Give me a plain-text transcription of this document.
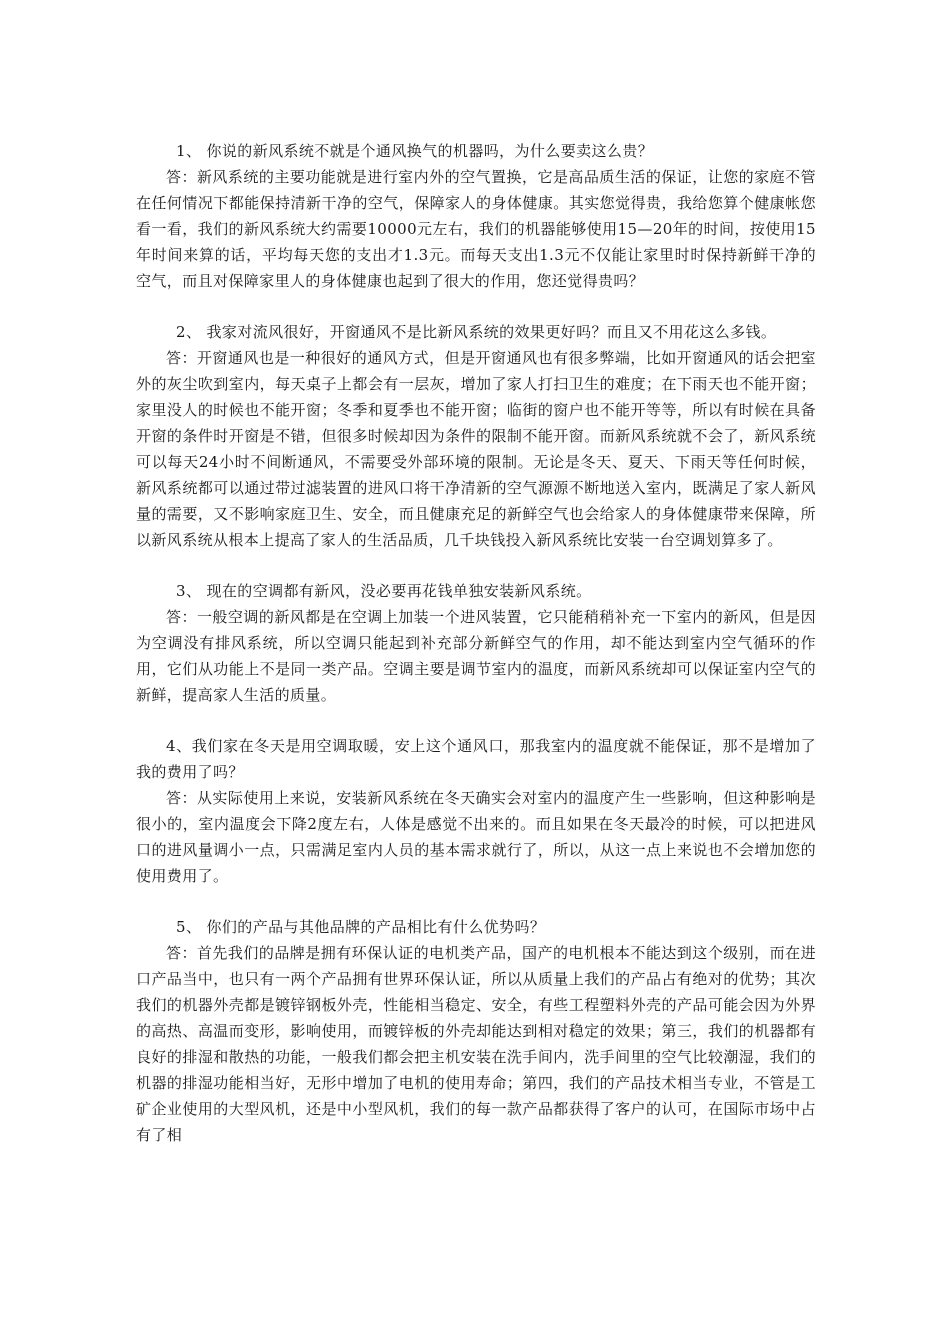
1、 你说的新风系统不就是个通风换气的机器吗，为什么要卖这么贵？

答：新风系统的主要功能就是进行室内外的空气置换，它是高品质生活的保证，让您的家庭不管在任何情况下都能保持清新干净的空气，保障家人的身体健康。其实您觉得贵，我给您算个健康帐您看一看，我们的新风系统大约需要10000元左右，我们的机器能够使用15—20年的时间，按使用15年时间来算的话，平均每天您的支出才1.3元。而每天支出1.3元不仅能让家里时时保持新鲜干净的空气，而且对保障家里人的身体健康也起到了很大的作用，您还觉得贵吗？

2、 我家对流风很好，开窗通风不是比新风系统的效果更好吗？而且又不用花这么多钱。

答：开窗通风也是一种很好的通风方式，但是开窗通风也有很多弊端，比如开窗通风的话会把室外的灰尘吹到室内，每天桌子上都会有一层灰，增加了家人打扫卫生的难度；在下雨天也不能开窗；家里没人的时候也不能开窗；冬季和夏季也不能开窗；临街的窗户也不能开等等，所以有时候在具备开窗的条件时开窗是不错，但很多时候却因为条件的限制不能开窗。而新风系统就不会了，新风系统可以每天24小时不间断通风，不需要受外部环境的限制。无论是冬天、夏天、下雨天等任何时候，新风系统都可以通过带过滤装置的进风口将干净清新的空气源源不断地送入室内，既满足了家人新风量的需要，又不影响家庭卫生、安全，而且健康充足的新鲜空气也会给家人的身体健康带来保障，所以新风系统从根本上提高了家人的生活品质，几千块钱投入新风系统比安装一台空调划算多了。

3、 现在的空调都有新风，没必要再花钱单独安装新风系统。

答：一般空调的新风都是在空调上加装一个进风装置，它只能稍稍补充一下室内的新风，但是因为空调没有排风系统，所以空调只能起到补充部分新鲜空气的作用，却不能达到室内空气循环的作用，它们从功能上不是同一类产品。空调主要是调节室内的温度，而新风系统却可以保证室内空气的新鲜，提高家人生活的质量。

4、我们家在冬天是用空调取暖，安上这个通风口，那我室内的温度就不能保证，那不是增加了我的费用了吗？

答：从实际使用上来说，安装新风系统在冬天确实会对室内的温度产生一些影响，但这种影响是很小的，室内温度会下降2度左右，人体是感觉不出来的。而且如果在冬天最冷的时候，可以把进风口的进风量调小一点，只需满足室内人员的基本需求就行了，所以，从这一点上来说也不会增加您的使用费用了。

5、 你们的产品与其他品牌的产品相比有什么优势吗？

答：首先我们的品牌是拥有环保认证的电机类产品，国产的电机根本不能达到这个级别，而在进口产品当中，也只有一两个产品拥有世界环保认证，所以从质量上我们的产品占有绝对的优势；其次我们的机器外壳都是镀锌钢板外壳，性能相当稳定、安全，有些工程塑料外壳的产品可能会因为外界的高热、高温而变形，影响使用，而镀锌板的外壳却能达到相对稳定的效果；第三，我们的机器都有良好的排湿和散热的功能，一般我们都会把主机安装在洗手间内，洗手间里的空气比较潮湿，我们的机器的排湿功能相当好，无形中增加了电机的使用寿命；第四，我们的产品技术相当专业，不管是工矿企业使用的大型风机，还是中小型风机，我们的每一款产品都获得了客户的认可，在国际市场中占有了相
